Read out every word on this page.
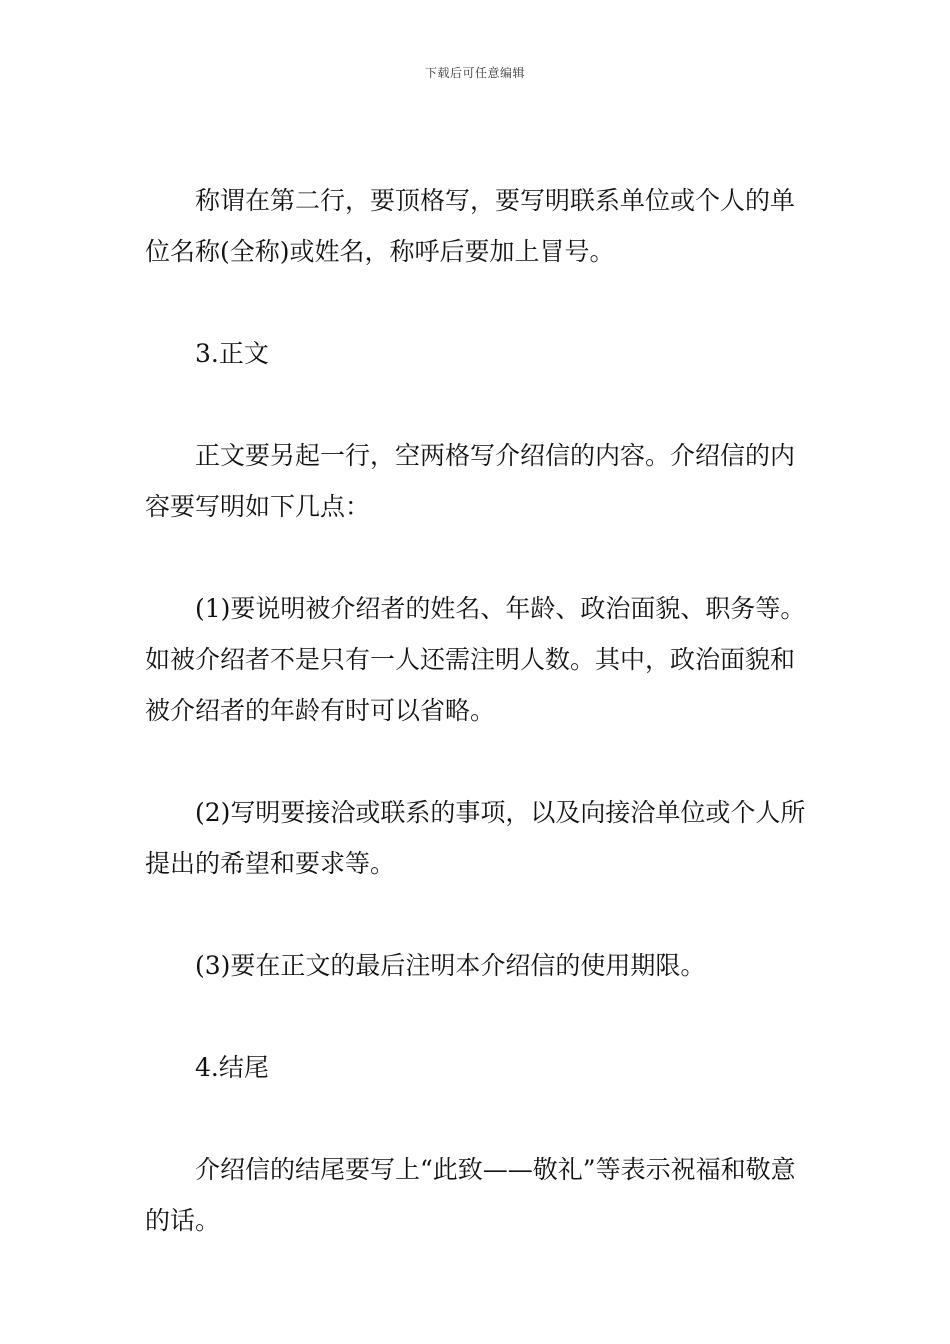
下载后可任意编辑

称谓在第二行，要顶格写，要写明联系单位或个人的单位名称(全称)或姓名，称呼后要加上冒号。

3.正文

正文要另起一行，空两格写介绍信的内容。介绍信的内容要写明如下几点：

(1)要说明被介绍者的姓名、年龄、政治面貌、职务等。如被介绍者不是只有一人还需注明人数。其中，政治面貌和被介绍者的年龄有时可以省略。

(2)写明要接洽或联系的事项，以及向接洽单位或个人所提出的希望和要求等。

(3)要在正文的最后注明本介绍信的使用期限。

4.结尾

介绍信的结尾要写上“此致——敬礼”等表示祝福和敬意的话。
